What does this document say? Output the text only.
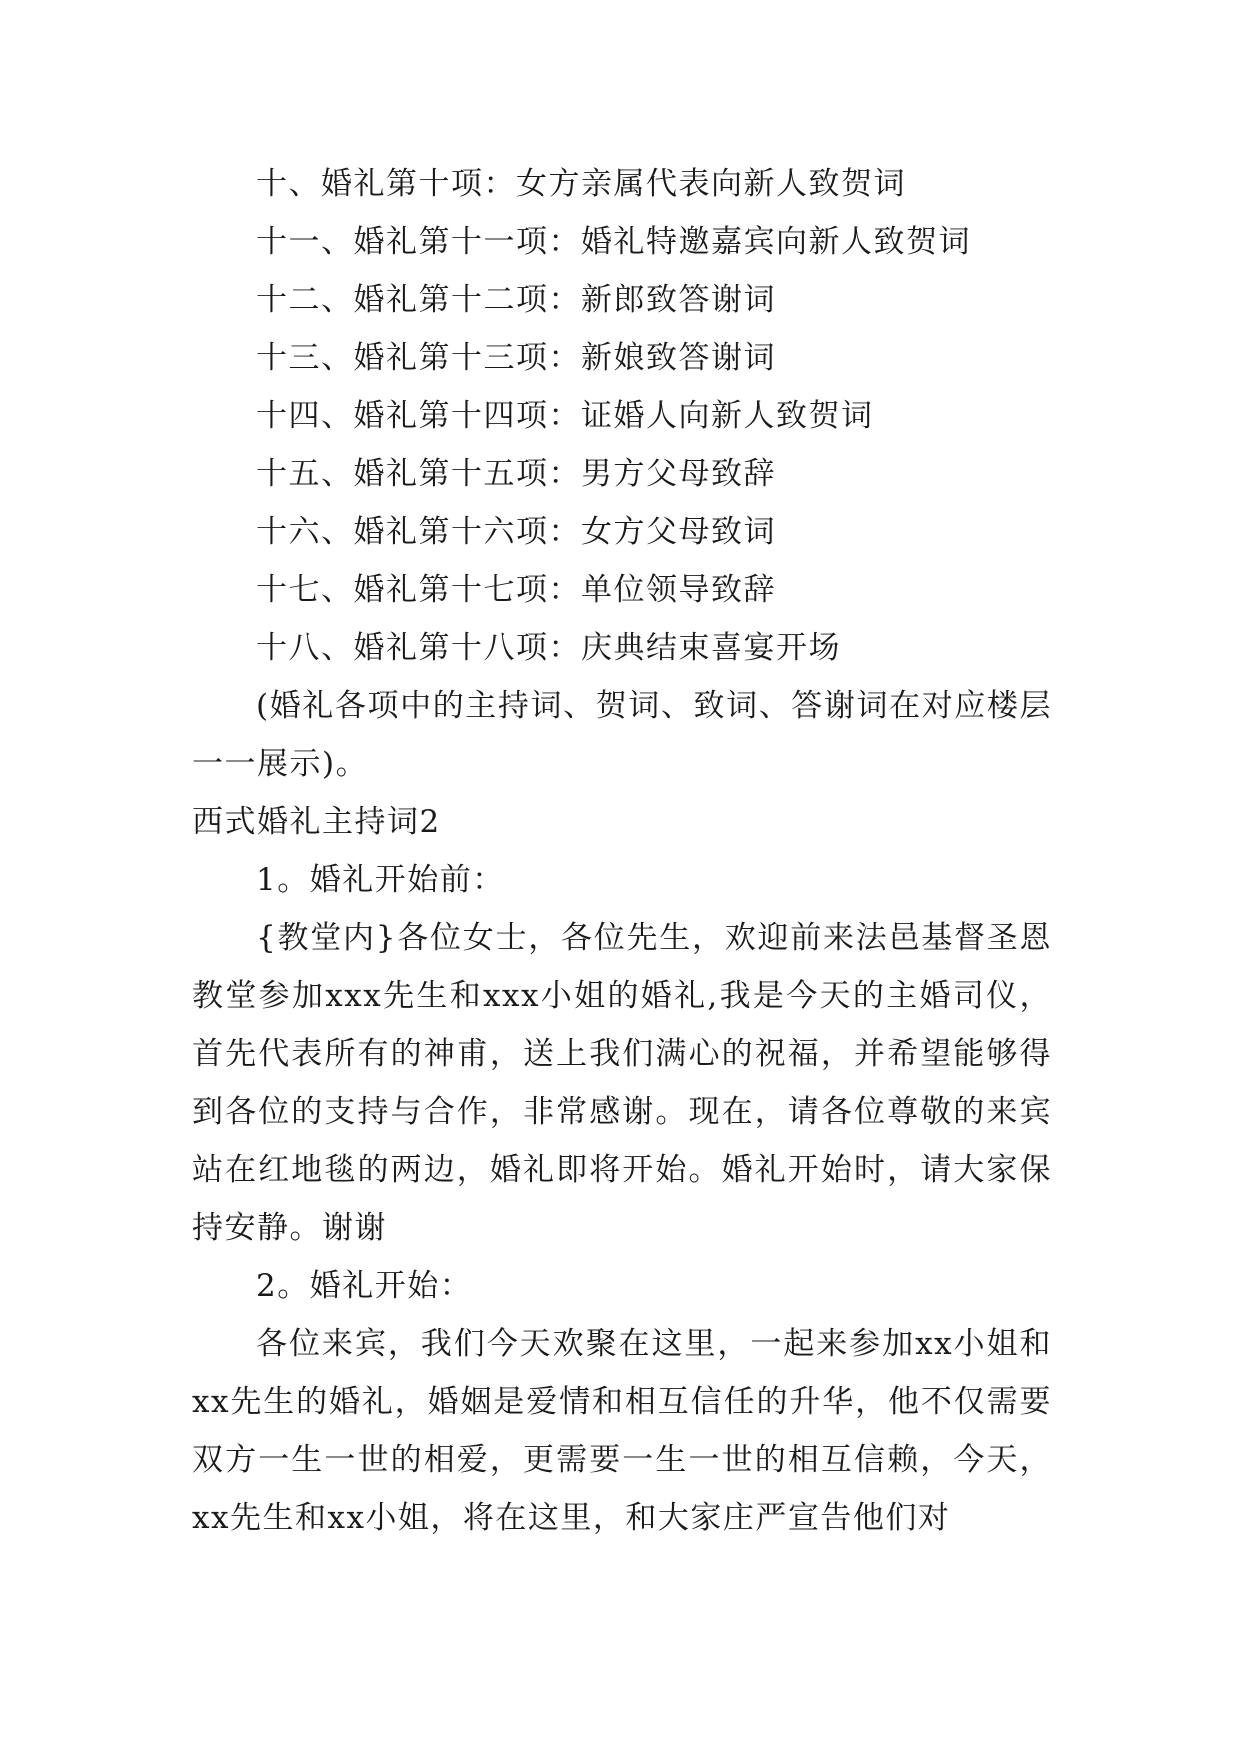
十、婚礼第十项：女方亲属代表向新人致贺词
十一、婚礼第十一项：婚礼特邀嘉宾向新人致贺词
十二、婚礼第十二项：新郎致答谢词
十三、婚礼第十三项：新娘致答谢词
十四、婚礼第十四项：证婚人向新人致贺词
十五、婚礼第十五项：男方父母致辞
十六、婚礼第十六项：女方父母致词
十七、婚礼第十七项：单位领导致辞
十八、婚礼第十八项：庆典结束喜宴开场

(婚礼各项中的主持词、贺词、致词、答谢词在对应楼层一一展示)。

西式婚礼主持词2
1。婚礼开始前：

{教堂内}各位女士，各位先生，欢迎前来法邑基督圣恩教堂参加xxx先生和xxx小姐的婚礼,我是今天的主婚司仪，首先代表所有的神甫，送上我们满心的祝福，并希望能够得到各位的支持与合作，非常感谢。现在，请各位尊敬的来宾站在红地毯的两边，婚礼即将开始。婚礼开始时，请大家保持安静。谢谢

2。婚礼开始：

各位来宾，我们今天欢聚在这里，一起来参加xx小姐和xx先生的婚礼，婚姻是爱情和相互信任的升华，他不仅需要双方一生一世的相爱，更需要一生一世的相互信赖，今天，xx先生和xx小姐，将在这里，和大家庄严宣告他们对
